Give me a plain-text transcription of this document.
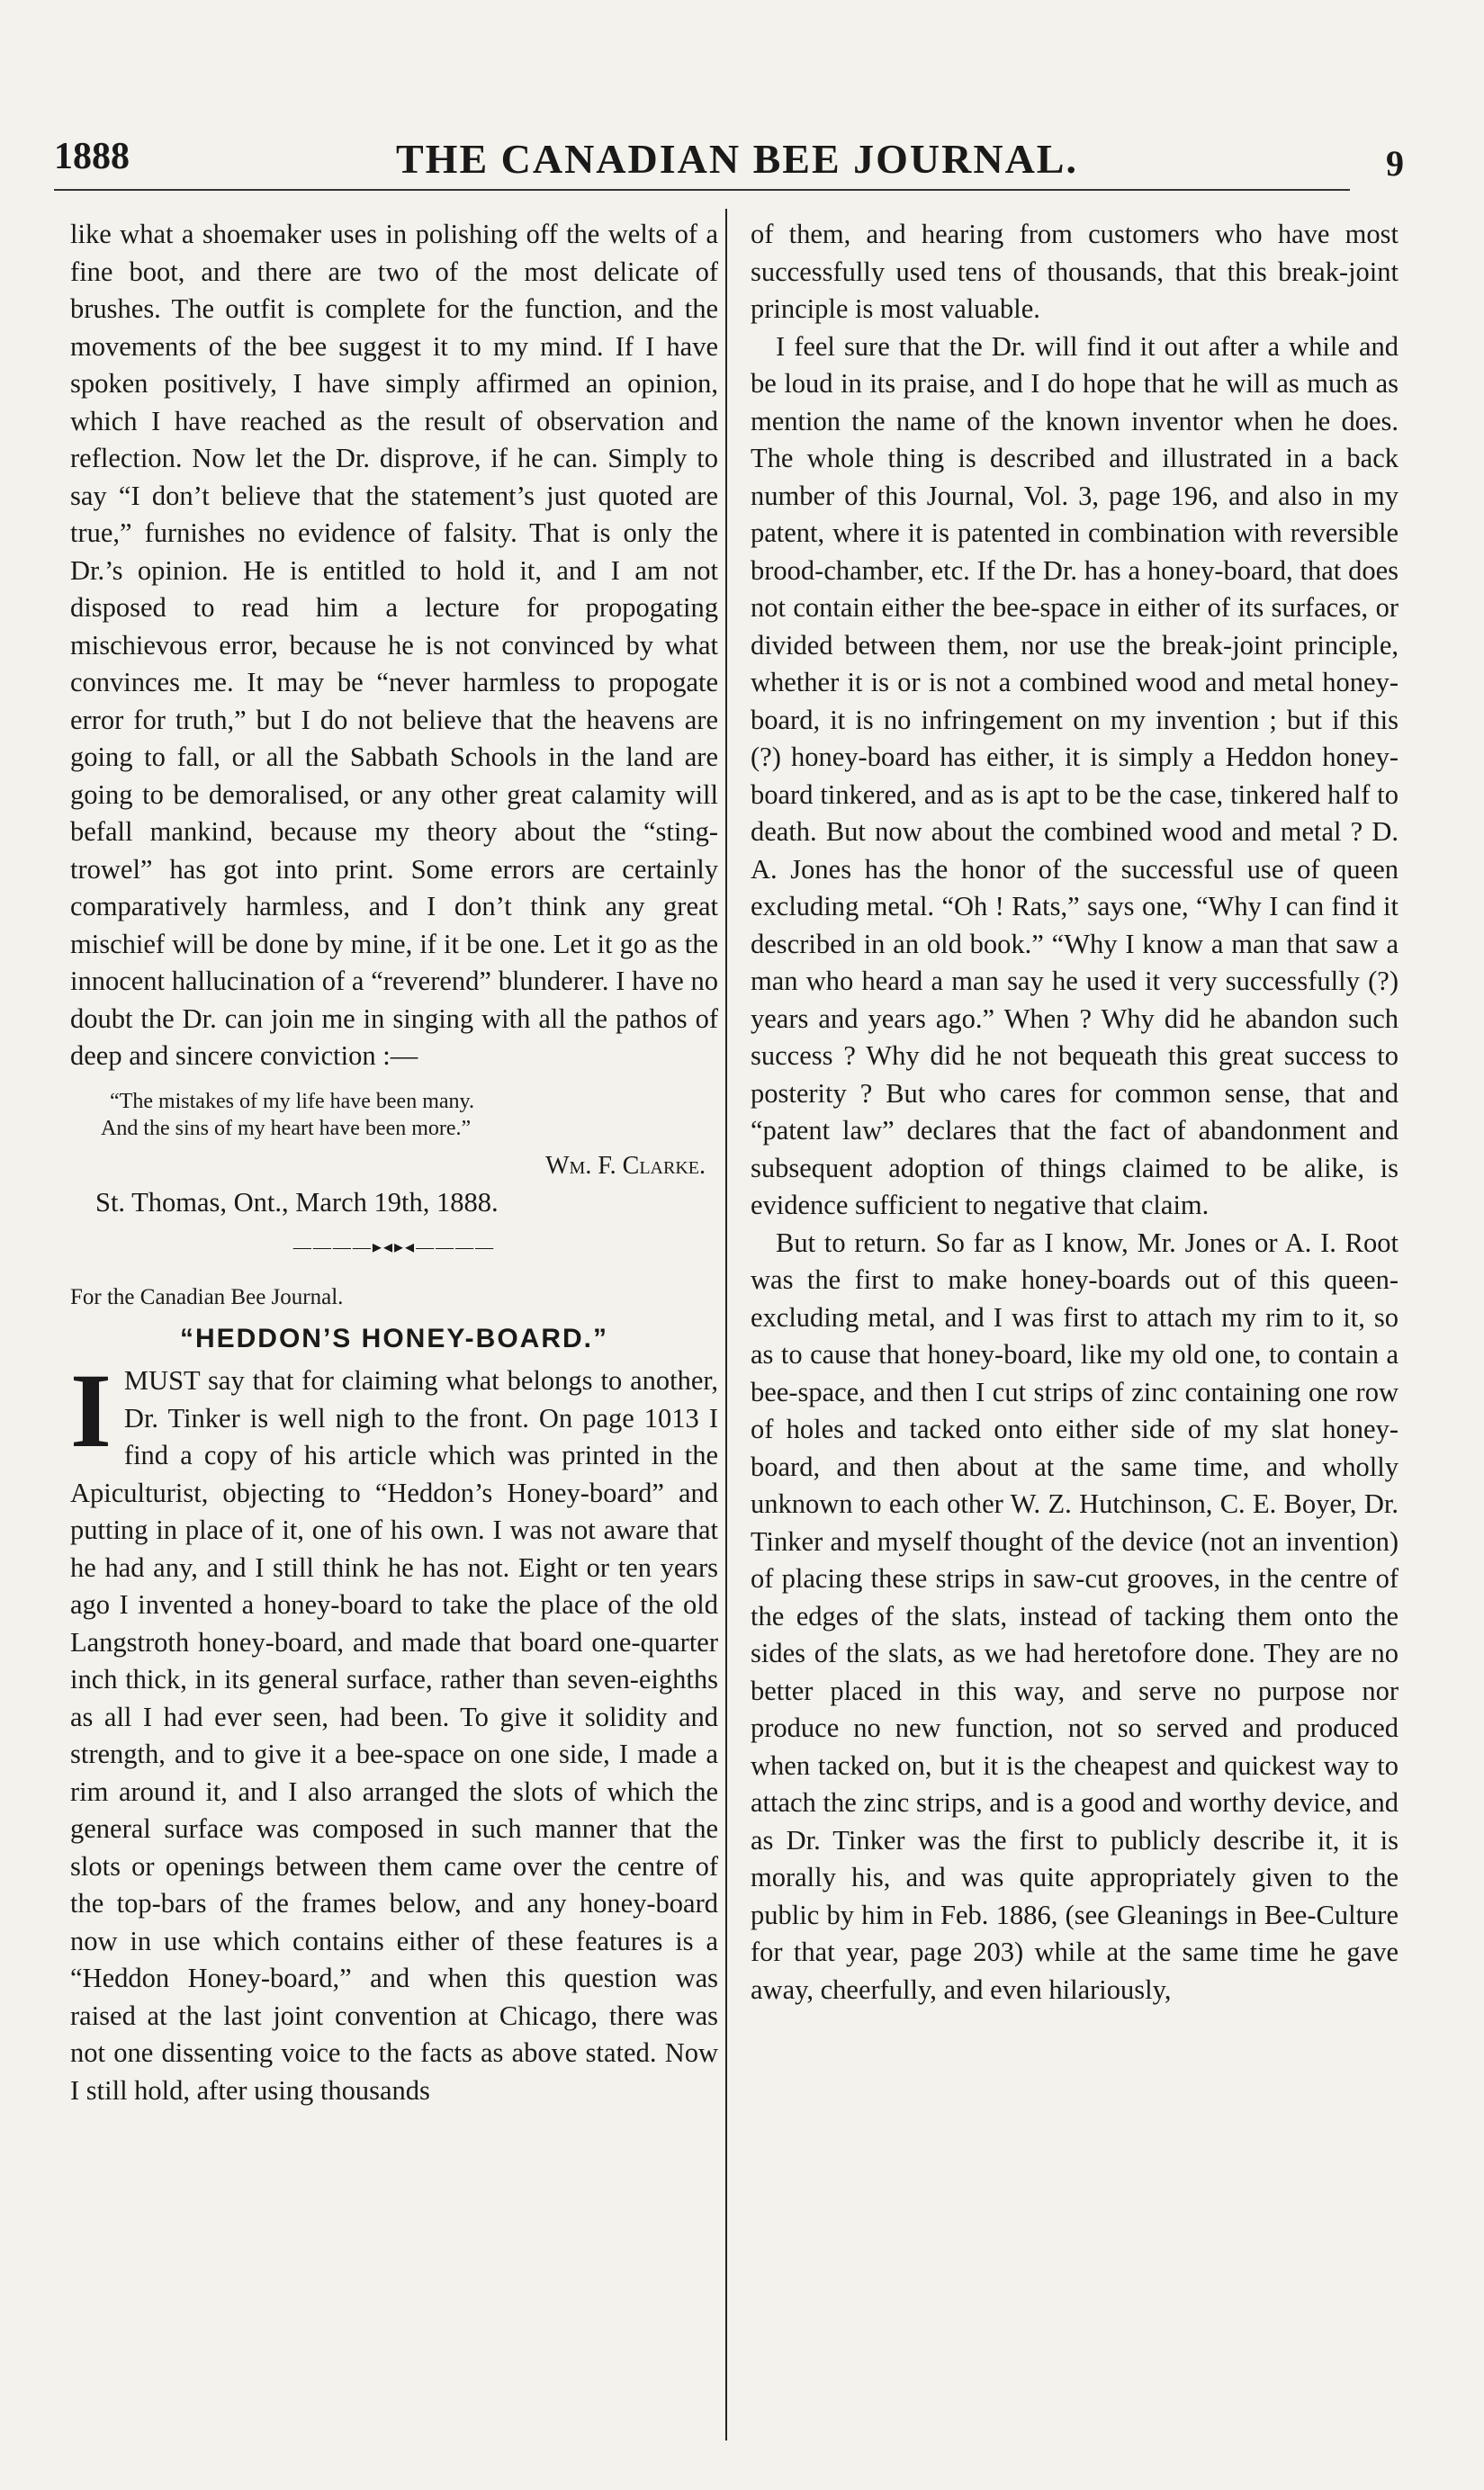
1888	THE CANADIAN BEE JOURNAL.	9

like what a shoemaker uses in polishing off the welts of a fine boot, and there are two of the most delicate of brushes. The outfit is complete for the function, and the movements of the bee suggest it to my mind. If I have spoken positively, I have simply affirmed an opinion, which I have reached as the result of observation and reflection. Now let the Dr. disprove, if he can. Simply to say “I don’t believe that the statement’s just quoted are true,” furnishes no evidence of falsity. That is only the Dr.’s opinion. He is entitled to hold it, and I am not disposed to read him a lecture for propogating mischievous error, because he is not convinced by what convinces me. It may be “never harmless to propogate error for truth,” but I do not believe that the heavens are going to fall, or all the Sabbath Schools in the land are going to be demoralised, or any other great calamity will befall mankind, because my theory about the “sting-trowel” has got into print. Some errors are certainly comparatively harmless, and I don’t think any great mischief will be done by mine, if it be one. Let it go as the innocent hallucination of a “reverend” blunderer. I have no doubt the Dr. can join me in singing with all the pathos of deep and sincere conviction :—

“The mistakes of my life have been many.
And the sins of my heart have been more.”
Wm. F. Clarke.
St. Thomas, Ont., March 19th, 1888.
————▸◂▸◂————
For the Canadian Bee Journal.
“HEDDON’S HONEY-BOARD.”
I MUST say that for claiming what belongs to another, Dr. Tinker is well nigh to the front. On page 1013 I find a copy of his article which was printed in the Apiculturist, objecting to “Heddon’s Honey-board” and putting in place of it, one of his own. I was not aware that he had any, and I still think he has not. Eight or ten years ago I invented a honey-board to take the place of the old Langstroth honey-board, and made that board one-quarter inch thick, in its general surface, rather than seven-eighths as all I had ever seen, had been. To give it solidity and strength, and to give it a bee-space on one side, I made a rim around it, and I also arranged the slots of which the general surface was composed in such manner that the slots or openings between them came over the centre of the top-bars of the frames below, and any honey-board now in use which contains either of these features is a “Heddon Honey-board,” and when this question was raised at the last joint convention at Chicago, there was not one dissenting voice to the facts as above stated. Now I still hold, after using thousands

of them, and hearing from customers who have most successfully used tens of thousands, that this break-joint principle is most valuable.

I feel sure that the Dr. will find it out after a while and be loud in its praise, and I do hope that he will as much as mention the name of the known inventor when he does. The whole thing is described and illustrated in a back number of this Journal, Vol. 3, page 196, and also in my patent, where it is patented in combination with reversible brood-chamber, etc. If the Dr. has a honey-board, that does not contain either the bee-space in either of its surfaces, or divided between them, nor use the break-joint principle, whether it is or is not a combined wood and metal honey-board, it is no infringement on my invention ; but if this (?) honey-board has either, it is simply a Heddon honey-board tinkered, and as is apt to be the case, tinkered half to death. But now about the combined wood and metal ? D. A. Jones has the honor of the successful use of queen excluding metal. “Oh ! Rats,” says one, “Why I can find it described in an old book.” “Why I know a man that saw a man who heard a man say he used it very successfully (?) years and years ago.” When ? Why did he abandon such success ? Why did he not bequeath this great success to posterity ? But who cares for common sense, that and “patent law” declares that the fact of abandonment and subsequent adoption of things claimed to be alike, is evidence sufficient to negative that claim.

But to return. So far as I know, Mr. Jones or A. I. Root was the first to make honey-boards out of this queen-excluding metal, and I was first to attach my rim to it, so as to cause that honey-board, like my old one, to contain a bee-space, and then I cut strips of zinc containing one row of holes and tacked onto either side of my slat honey-board, and then about at the same time, and wholly unknown to each other W. Z. Hutchinson, C. E. Boyer, Dr. Tinker and myself thought of the device (not an invention) of placing these strips in saw-cut grooves, in the centre of the edges of the slats, instead of tacking them onto the sides of the slats, as we had heretofore done. They are no better placed in this way, and serve no purpose nor produce no new function, not so served and produced when tacked on, but it is the cheapest and quickest way to attach the zinc strips, and is a good and worthy device, and as Dr. Tinker was the first to publicly describe it, it is morally his, and was quite appropriately given to the public by him in Feb. 1886, (see Gleanings in Bee-Culture for that year, page 203) while at the same time he gave away, cheerfully, and even hilariously,
